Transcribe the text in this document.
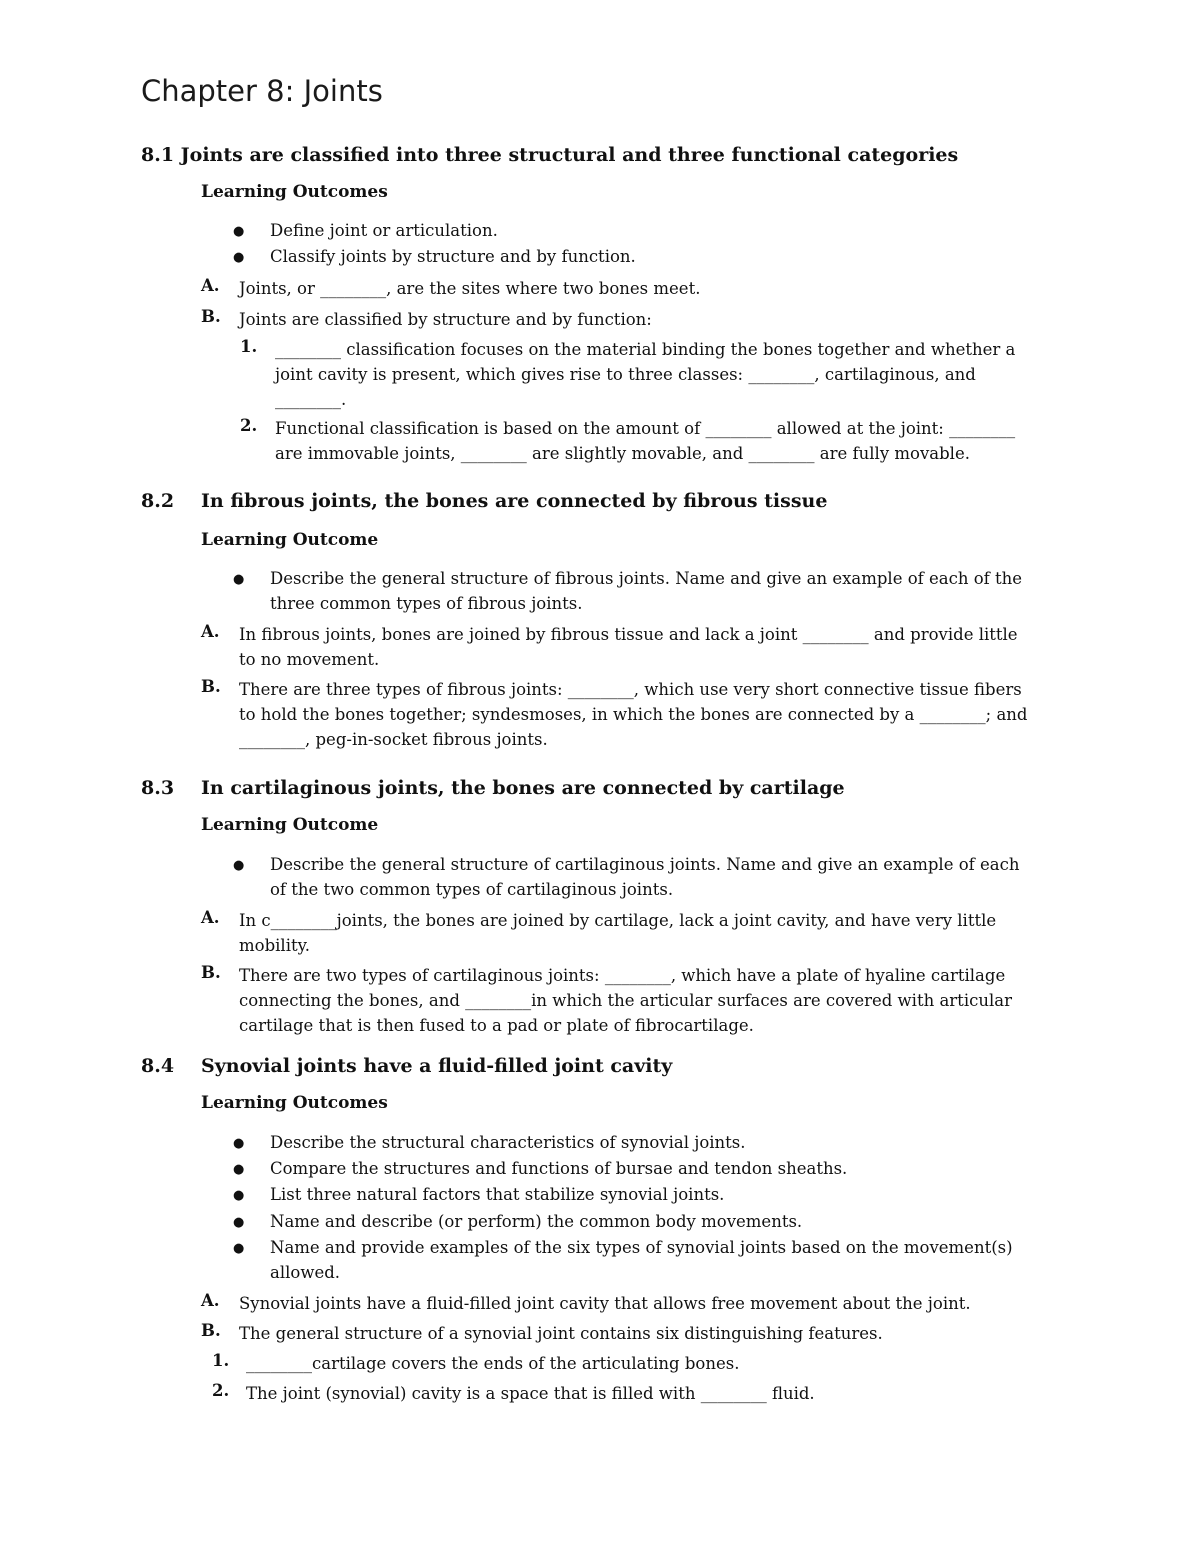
Chapter 8: Joints
8.1 Joints are classified into three structural and three functional categories
Learning Outcomes
● Define joint or articulation.
● Classify joints by structure and by function.
A. Joints, or ________, are the sites where two bones meet.
B. Joints are classified by structure and by function:
1. ________ classification focuses on the material binding the bones together and whether a
joint cavity is present, which gives rise to three classes: ________, cartilaginous, and
________.
2. Functional classification is based on the amount of ________ allowed at the joint: ________
are immovable joints, ________ are slightly movable, and ________ are fully movable.
8.2 In fibrous joints, the bones are connected by fibrous tissue
Learning Outcome
● Describe the general structure of fibrous joints. Name and give an example of each of the
three common types of fibrous joints.
A. In fibrous joints, bones are joined by fibrous tissue and lack a joint ________ and provide little
to no movement.
B. There are three types of fibrous joints: ________, which use very short connective tissue fibers
to hold the bones together; syndesmoses, in which the bones are connected by a ________; and
________, peg-in-socket fibrous joints.
8.3 In cartilaginous joints, the bones are connected by cartilage
Learning Outcome
● Describe the general structure of cartilaginous joints. Name and give an example of each
of the two common types of cartilaginous joints.
A. In c________joints, the bones are joined by cartilage, lack a joint cavity, and have very little
mobility.
B. There are two types of cartilaginous joints: ________, which have a plate of hyaline cartilage
connecting the bones, and ________in which the articular surfaces are covered with articular
cartilage that is then fused to a pad or plate of fibrocartilage.
8.4 Synovial joints have a fluid-filled joint cavity
Learning Outcomes
● Describe the structural characteristics of synovial joints.
● Compare the structures and functions of bursae and tendon sheaths.
● List three natural factors that stabilize synovial joints.
● Name and describe (or perform) the common body movements.
● Name and provide examples of the six types of synovial joints based on the movement(s)
allowed.
A. Synovial joints have a fluid-filled joint cavity that allows free movement about the joint.
B. The general structure of a synovial joint contains six distinguishing features.
1. ________cartilage covers the ends of the articulating bones.
2. The joint (synovial) cavity is a space that is filled with ________ fluid.
